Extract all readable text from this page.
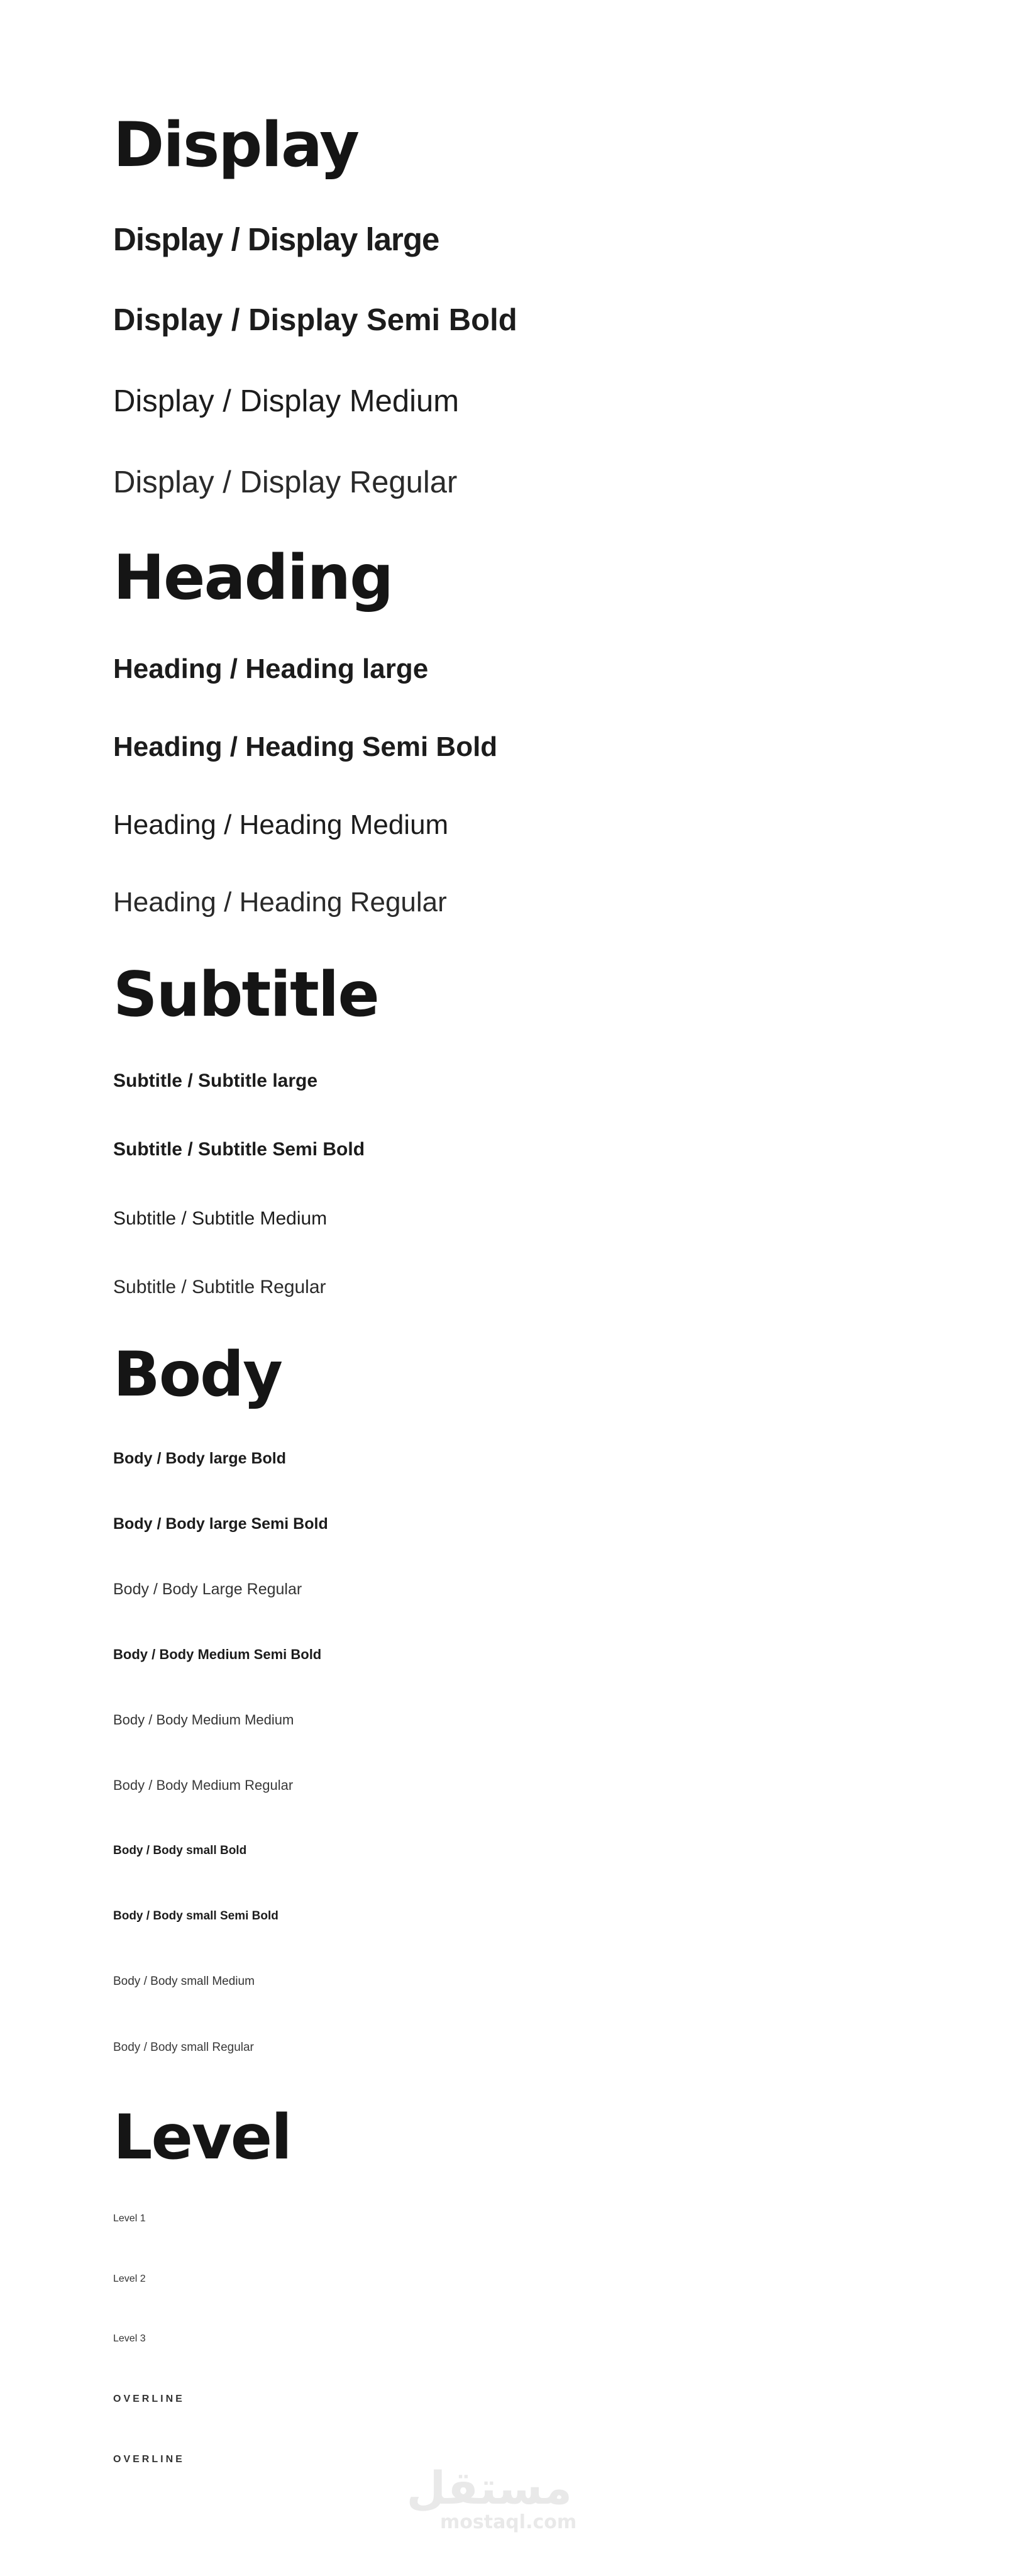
Display
Display / Display large
Display / Display Semi Bold
Display / Display Medium
Display / Display Regular
Heading
Heading / Heading large
Heading / Heading Semi Bold
Heading / Heading Medium
Heading / Heading Regular
Subtitle
Subtitle / Subtitle large
Subtitle / Subtitle Semi Bold
Subtitle / Subtitle Medium
Subtitle / Subtitle Regular
Body
Body / Body large Bold
Body / Body large Semi Bold
Body / Body Large Regular
Body / Body Medium Semi Bold
Body / Body Medium Medium
Body / Body Medium Regular
Body / Body small Bold
Body / Body small Semi Bold
Body / Body small Medium
Body / Body small Regular
Level
Level 1
Level 2
Level 3
OVERLINE
OVERLINE
مستقل
mostaql.com
